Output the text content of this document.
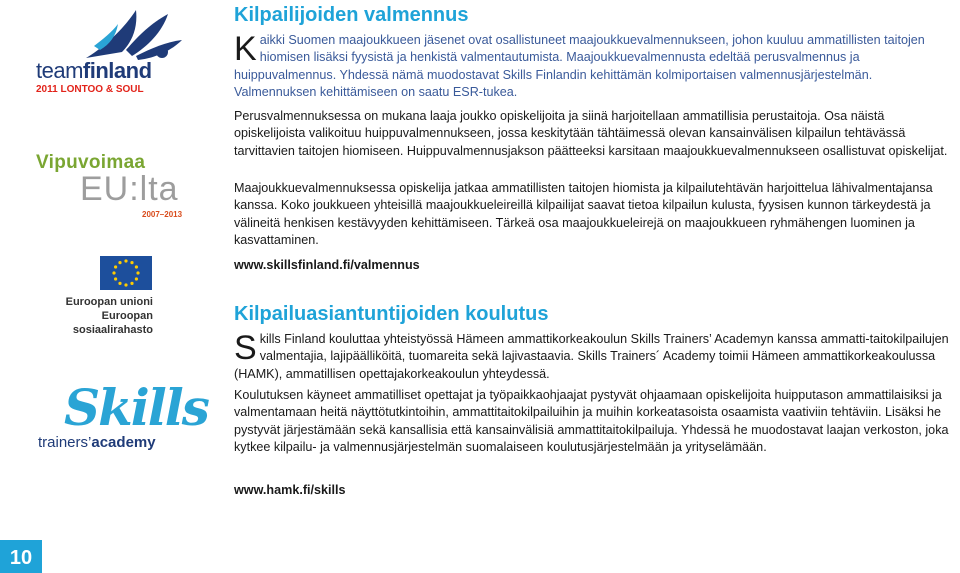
teamfinland
2011 LONTOO & SOUL
Vipuvoimaa
EU:lta
2007–2013
Euroopan unioni
Euroopan sosiaalirahasto
Skills
trainers’academy
10
Kilpailijoiden valmennus
Kaikki Suomen maajoukkueen jäsenet ovat osallistuneet maajoukkuevalmennukseen, johon kuuluu ammatillisten taitojen hiomisen lisäksi fyysistä ja henkistä valmentautumista. Maajoukkuevalmennusta edeltää perusvalmennus ja huippuvalmennus. Yhdessä nämä muodostavat Skills Finlandin kehittämän kolmiportaisen valmennusjärjestelmän. Valmennuksen kehittämiseen on saatu ESR-tukea.
Perusvalmennuksessa on mukana laaja joukko opiskelijoita ja siinä harjoitellaan ammatillisia perustaitoja. Osa näistä opiskelijoista valikoituu huippuvalmennukseen, jossa keskitytään tähtäimessä olevan kansainvälisen kilpailun tehtävässä tarvittavien taitojen hiomiseen. Huippuvalmennusjakson päätteeksi karsitaan maajoukkuevalmennukseen osallistuvat opiskelijat.
Maajoukkuevalmennuksessa opiskelija jatkaa ammatillisten taitojen hiomista ja kilpailutehtävän harjoittelua lähivalmentajansa kanssa. Koko joukkueen yhteisillä maajoukkueleireillä kilpailijat saavat tietoa kilpailun kulusta, fyysisen kunnon tärkeydestä ja välineitä henkisen kestävyyden kehittämiseen. Tärkeä osa maajoukkueleirejä on maajoukkueen ryhmähengen luominen ja kasvattaminen.
www.skillsfinland.fi/valmennus
Kilpailuasiantuntijoiden koulutus
Skills Finland kouluttaa yhteistyössä Hämeen ammattikorkeakoulun Skills Trainers’ Academyn kanssa ammatti-taitokilpailujen valmentajia, lajipäälliköitä, tuomareita sekä lajivastaavia. Skills Trainers´ Academy toimii Hämeen ammattikorkeakoulussa (HAMK), ammatillisen opettajakorkeakoulun yhteydessä.
Koulutuksen käyneet ammatilliset opettajat ja työpaikkaohjaajat pystyvät ohjaamaan opiskelijoita huipputason ammattilaisiksi ja valmentamaan heitä näyttötutkintoihin, ammattitaitokilpailuihin ja muihin korkeatasoista osaamista vaativiin tehtäviin. Lisäksi he pystyvät järjestämään sekä kansallisia että kansainvälisiä ammattitaitokilpailuja. Yhdessä he muodostavat laajan verkoston, joka kytkee kilpailu- ja valmennusjärjestelmän suomalaiseen koulutusjärjestelmään ja yrityselämään.
www.hamk.fi/skills
